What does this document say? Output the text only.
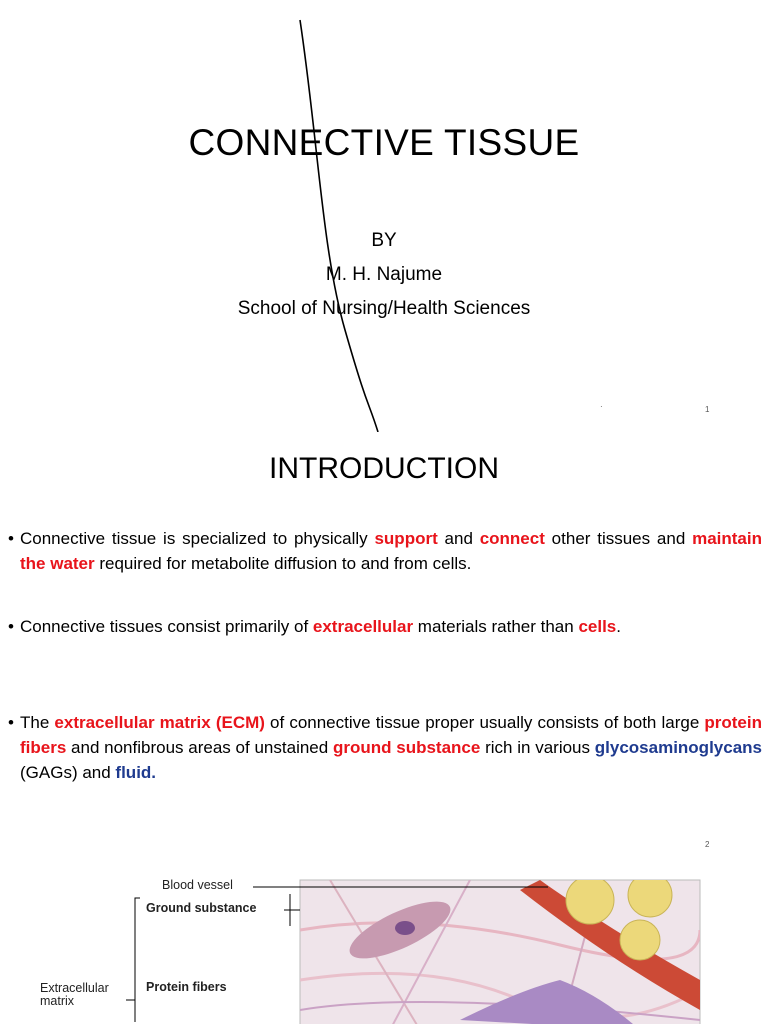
CONNECTIVE TISSUE
BY
M. H. Najume
School of Nursing/Health Sciences
·	1
INTRODUCTION
• Connective tissue is specialized to physically support and connect other tissues and maintain the water required for metabolite diffusion to and from cells.
• Connective tissues consist primarily of extracellular materials rather than cells.
• The extracellular matrix (ECM) of connective tissue proper usually consists of both large protein fibers and nonfibrous areas of unstained ground substance rich in various glycosaminoglycans (GAGs) and fluid.
2
Blood vessel
Ground substance
Extracellular matrix
Protein fibers
